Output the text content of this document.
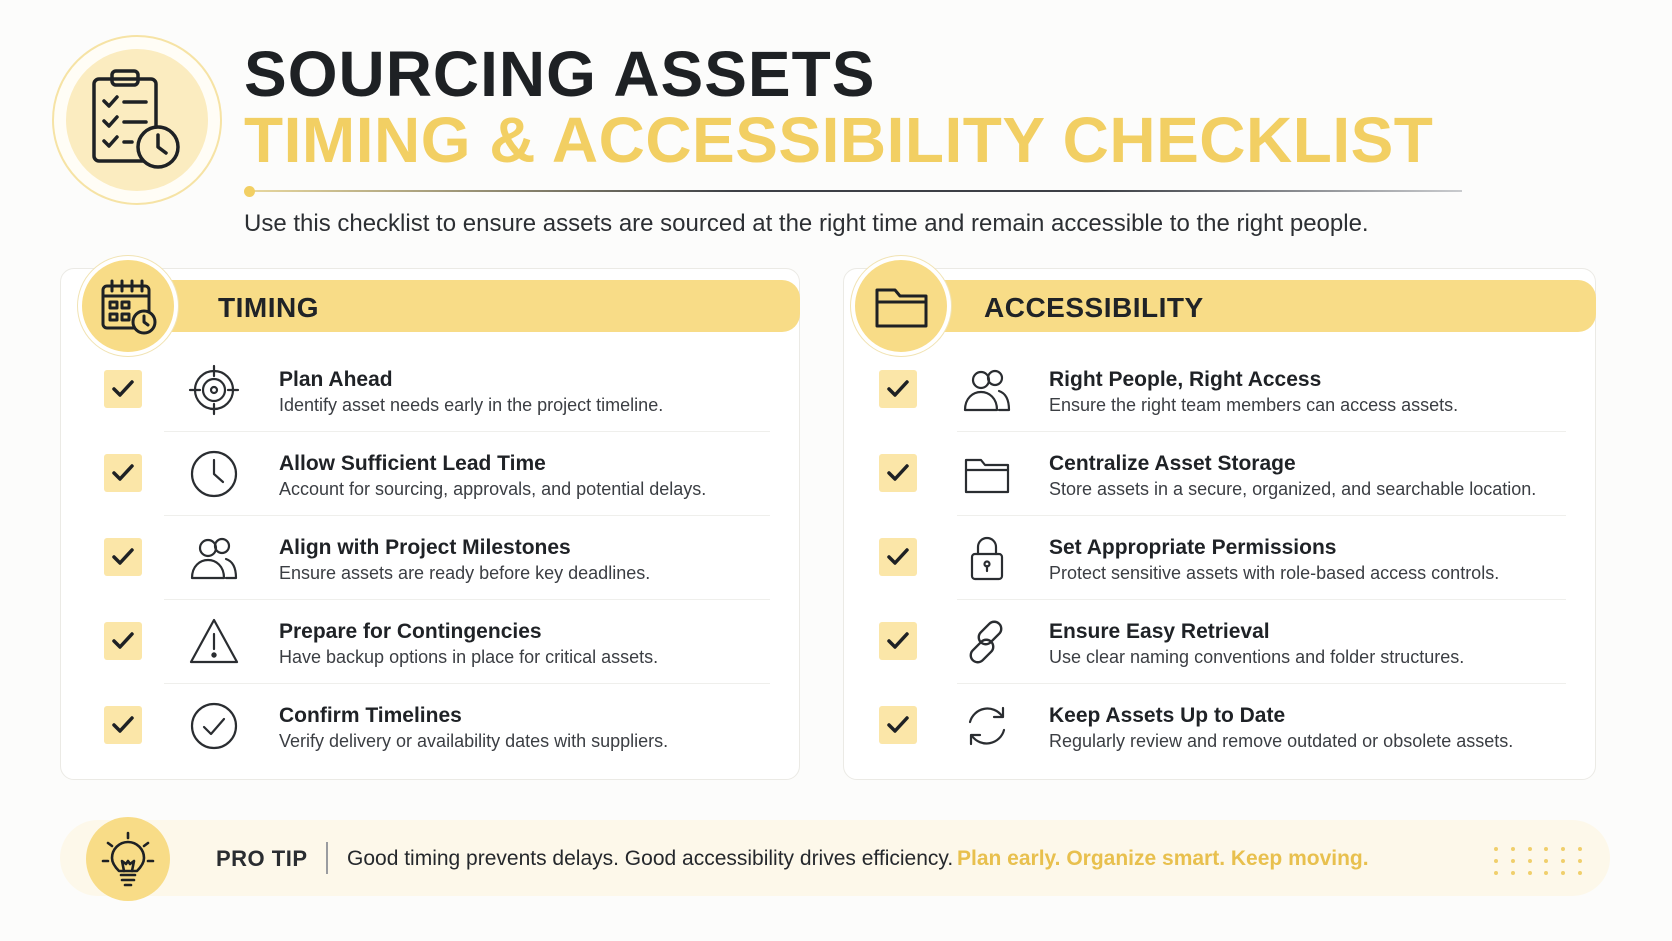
SOURCING ASSETS
TIMING & ACCESSIBILITY CHECKLIST
Use this checklist to ensure assets are sourced at the right time and remain accessible to the right people.
TIMING
Plan Ahead
Identify asset needs early in the project timeline.
Allow Sufficient Lead Time
Account for sourcing, approvals, and potential delays.
Align with Project Milestones
Ensure assets are ready before key deadlines.
Prepare for Contingencies
Have backup options in place for critical assets.
Confirm Timelines
Verify delivery or availability dates with suppliers.
ACCESSIBILITY
Right People, Right Access
Ensure the right team members can access assets.
Centralize Asset Storage
Store assets in a secure, organized, and searchable location.
Set Appropriate Permissions
Protect sensitive assets with role-based access controls.
Ensure Easy Retrieval
Use clear naming conventions and folder structures.
Keep Assets Up to Date
Regularly review and remove outdated or obsolete assets.
PRO TIP Good timing prevents delays. Good accessibility drives efficiency. Plan early. Organize smart. Keep moving.
